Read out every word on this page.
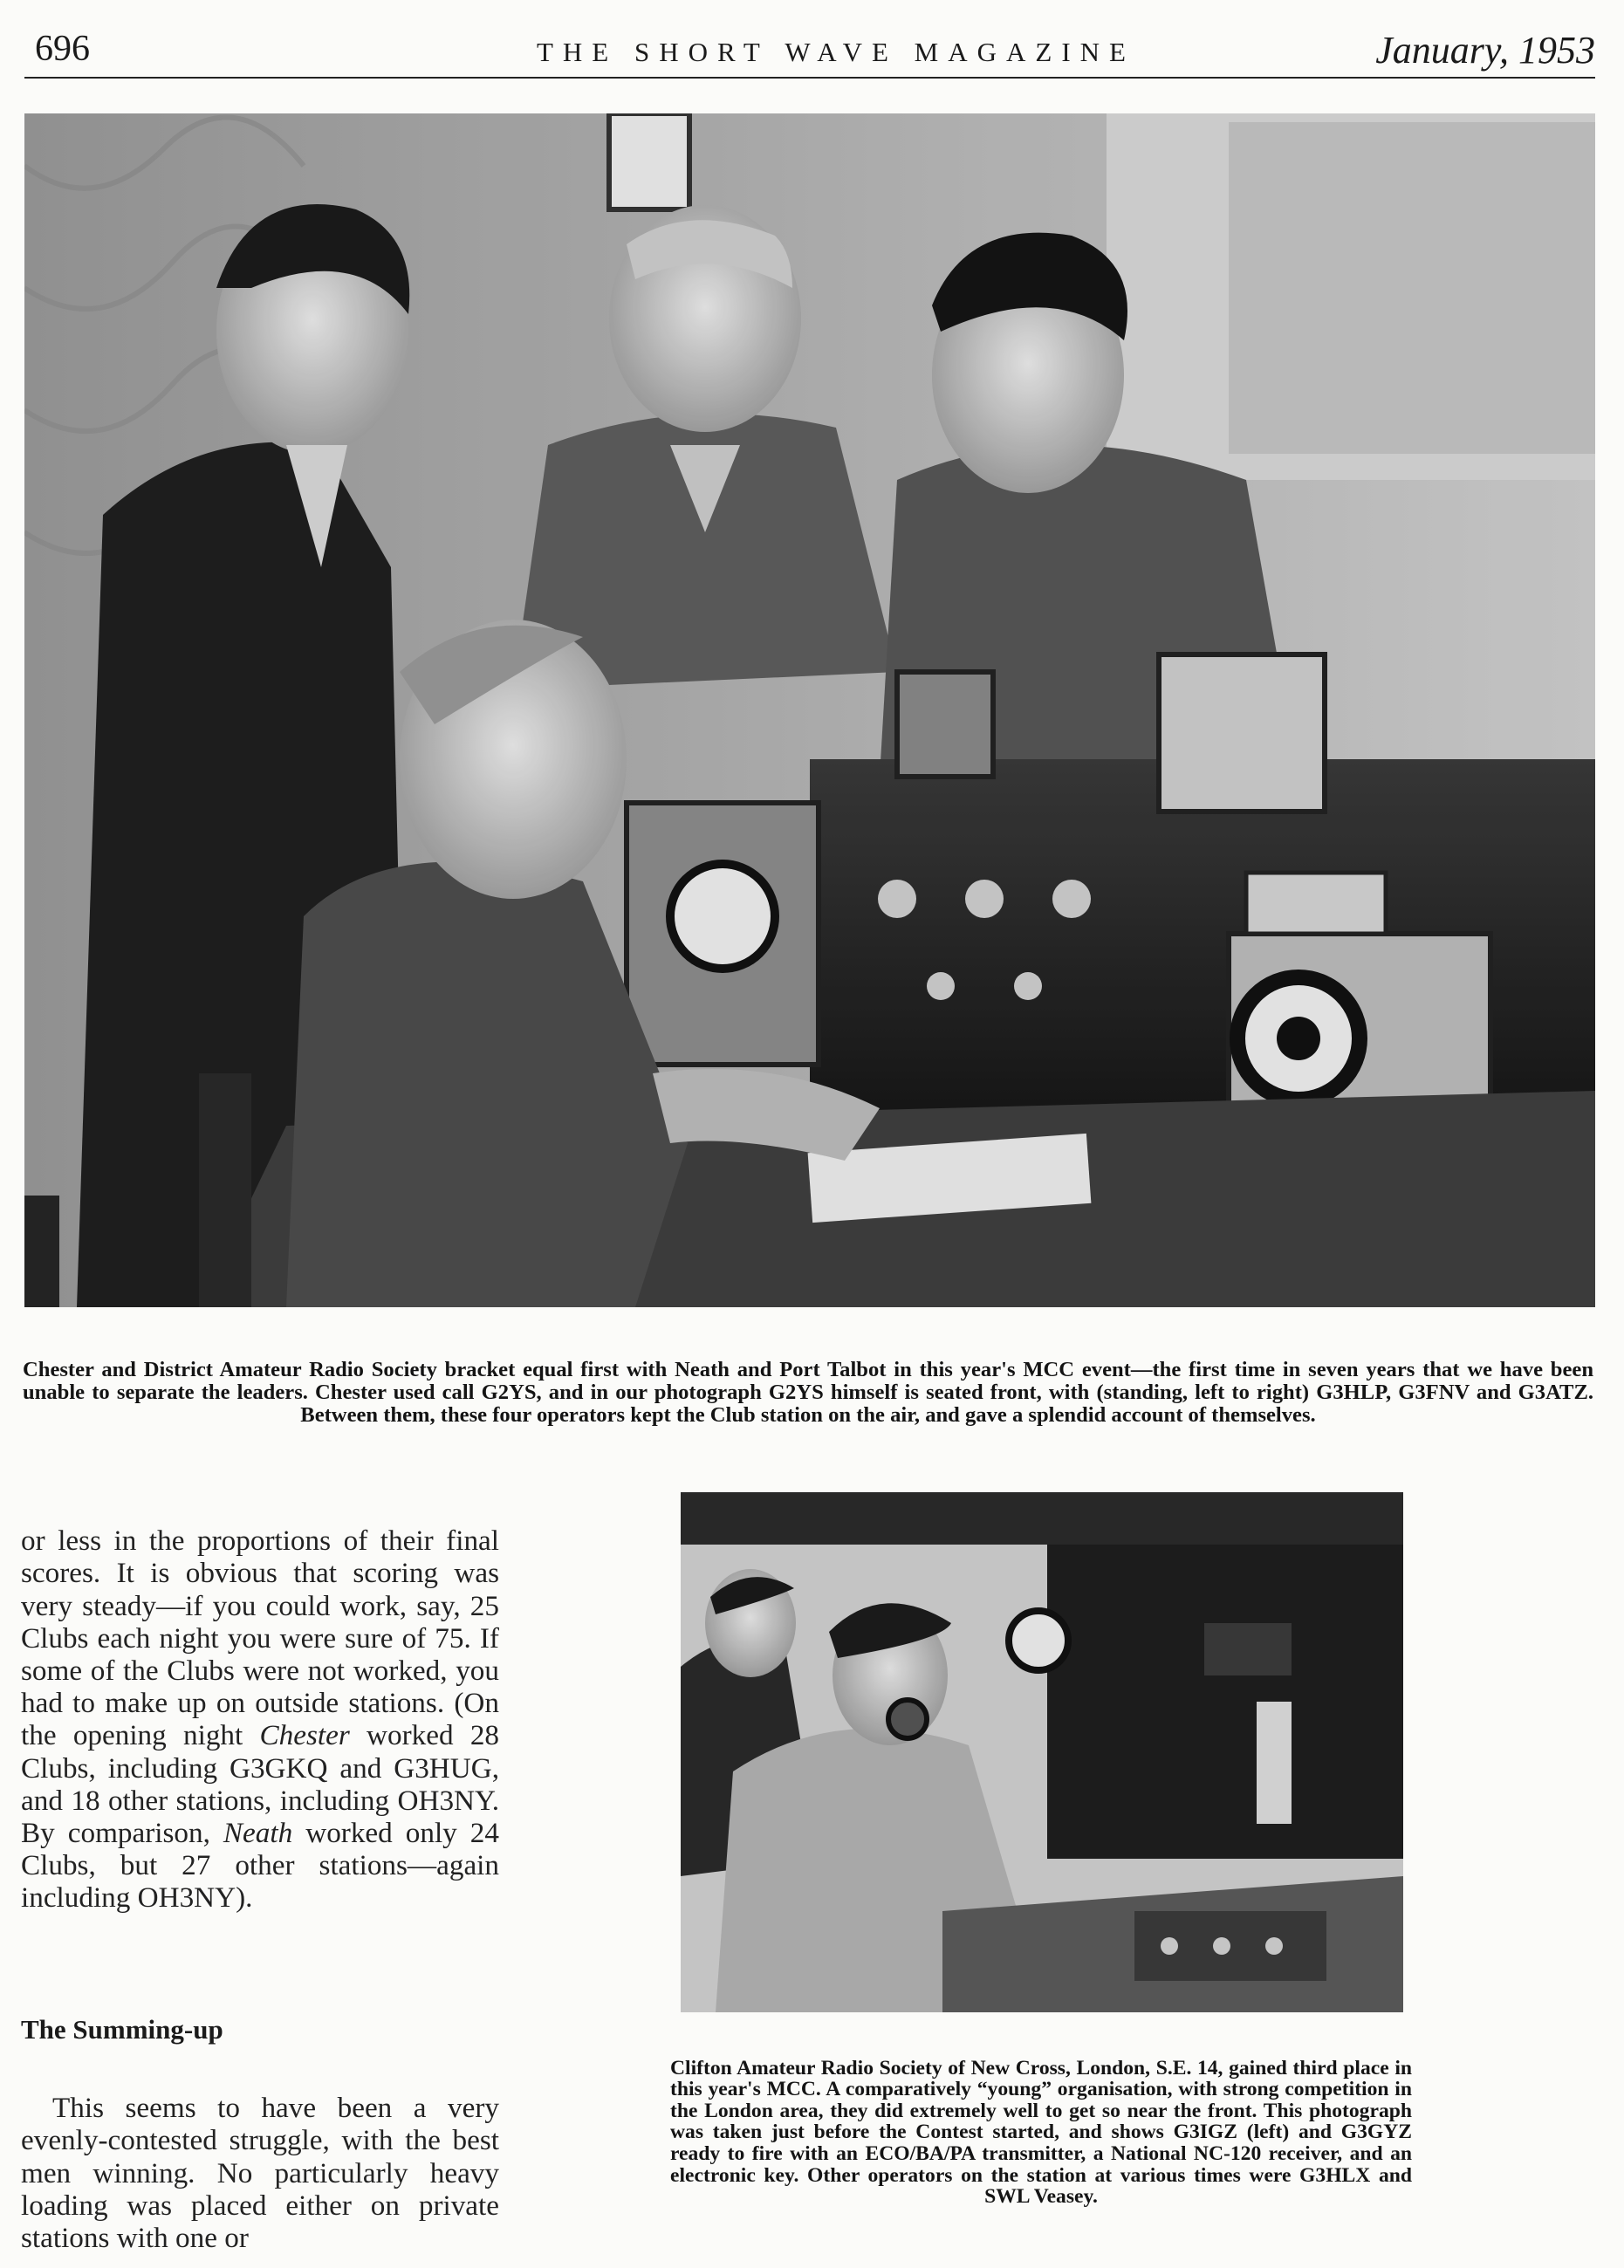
696	THE SHORT WAVE MAGAZINE	January, 1953

Chester and District Amateur Radio Society bracket equal first with Neath and Port Talbot in this year's MCC event—the first time in seven years that we have been unable to separate the leaders. Chester used call G2YS, and in our photograph G2YS himself is seated front, with (standing, left to right) G3HLP, G3FNV and G3ATZ. Between them, these four operators kept the Club station on the air, and gave a splendid account of themselves.

or less in the proportions of their final scores. It is obvious that scoring was very steady—if you could work, say, 25 Clubs each night you were sure of 75. If some of the Clubs were not worked, you had to make up on outside stations. (On the opening night Chester worked 28 Clubs, including G3GKQ and G3HUG, and 18 other stations, including OH3NY. By comparison, Neath worked only 24 Clubs, but 27 other stations—again including OH3NY).

The Summing-up

This seems to have been a very evenly-contested struggle, with the best men winning. No particularly heavy loading was placed either on private stations with one or

Clifton Amateur Radio Society of New Cross, London, S.E. 14, gained third place in this year's MCC. A comparatively “young” organisation, with strong competition in the London area, they did extremely well to get so near the front. This photograph was taken just before the Contest started, and shows G3IGZ (left) and G3GYZ ready to fire with an ECO/BA/PA transmitter, a National NC-120 receiver, and an electronic key. Other operators on the station at various times were G3HLX and SWL Veasey.
